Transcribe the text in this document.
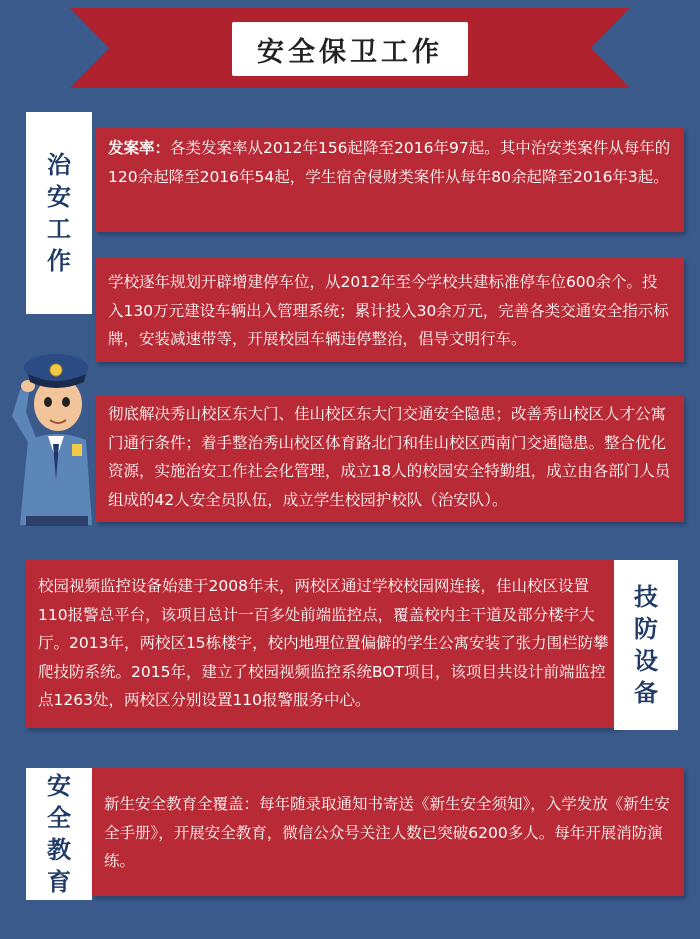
安全保卫工作
治
安
工
作
发案率：各类发案率从2012年156起降至2016年97起。其中治安类案件从每年的120余起降至2016年54起，学生宿舍侵财类案件从每年80余起降至2016年3起。
学校逐年规划开辟增建停车位，从2012年至今学校共建标准停车位600余个。投入130万元建设车辆出入管理系统；累计投入30余万元，完善各类交通安全指示标牌，安装减速带等，开展校园车辆违停整治，倡导文明行车。
彻底解决秀山校区东大门、佳山校区东大门交通安全隐患；改善秀山校区人才公寓门通行条件；着手整治秀山校区体育路北门和佳山校区西南门交通隐患。整合优化资源，实施治安工作社会化管理，成立18人的校园安全特勤组，成立由各部门人员组成的42人安全员队伍，成立学生校园护校队（治安队）。
校园视频监控设备始建于2008年末，两校区通过学校校园网连接，佳山校区设置110报警总平台，该项目总计一百多处前端监控点，覆盖校内主干道及部分楼宇大厅。2013年，两校区15栋楼宇，校内地理位置偏僻的学生公寓安装了张力围栏防攀爬技防系统。2015年，建立了校园视频监控系统BOT项目，该项目共设计前端监控点1263处，两校区分别设置110报警服务中心。
技
防
设
备
安
全
教
育
新生安全教育全覆盖：每年随录取通知书寄送《新生安全须知》，入学发放《新生安全手册》，开展安全教育，微信公众号关注人数已突破6200多人。每年开展消防演练。
